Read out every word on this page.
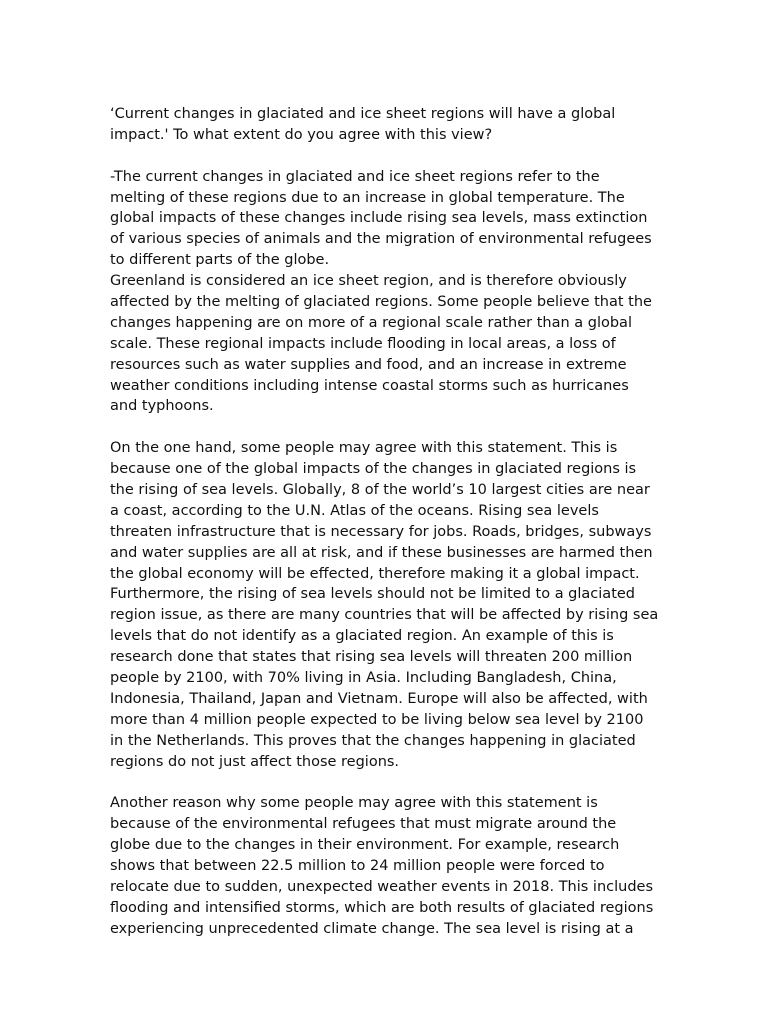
‘Current changes in glaciated and ice sheet regions will have a global
impact.' To what extent do you agree with this view?
-The current changes in glaciated and ice sheet regions refer to the
melting of these regions due to an increase in global temperature. The
global impacts of these changes include rising sea levels, mass extinction
of various species of animals and the migration of environmental refugees
to different parts of the globe.
Greenland is considered an ice sheet region, and is therefore obviously
affected by the melting of glaciated regions. Some people believe that the
changes happening are on more of a regional scale rather than a global
scale. These regional impacts include flooding in local areas, a loss of
resources such as water supplies and food, and an increase in extreme
weather conditions including intense coastal storms such as hurricanes
and typhoons.
On the one hand, some people may agree with this statement. This is
because one of the global impacts of the changes in glaciated regions is
the rising of sea levels. Globally, 8 of the world’s 10 largest cities are near
a coast, according to the U.N. Atlas of the oceans. Rising sea levels
threaten infrastructure that is necessary for jobs. Roads, bridges, subways
and water supplies are all at risk, and if these businesses are harmed then
the global economy will be effected, therefore making it a global impact.
Furthermore, the rising of sea levels should not be limited to a glaciated
region issue, as there are many countries that will be affected by rising sea
levels that do not identify as a glaciated region. An example of this is
research done that states that rising sea levels will threaten 200 million
people by 2100, with 70% living in Asia. Including Bangladesh, China,
Indonesia, Thailand, Japan and Vietnam. Europe will also be affected, with
more than 4 million people expected to be living below sea level by 2100
in the Netherlands. This proves that the changes happening in glaciated
regions do not just affect those regions.
Another reason why some people may agree with this statement is
because of the environmental refugees that must migrate around the
globe due to the changes in their environment. For example, research
shows that between 22.5 million to 24 million people were forced to
relocate due to sudden, unexpected weather events in 2018. This includes
flooding and intensified storms, which are both results of glaciated regions
experiencing unprecedented climate change. The sea level is rising at a
